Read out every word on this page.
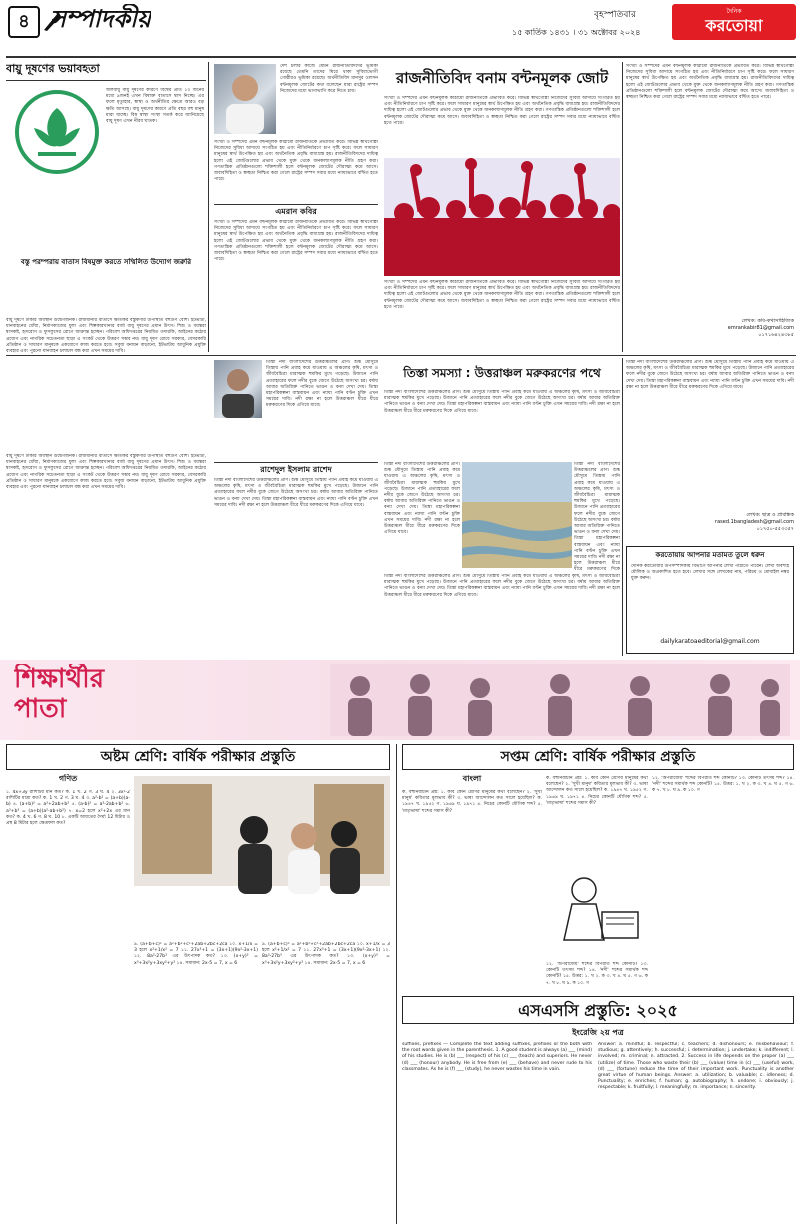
৪ সম্পাদকীয়	বৃহস্পতিবার
১৫ কার্তিক ১৪৩১ । ৩১ অক্টোবর ২০২৪
দৈনিক
করতোয়া
বায়ু দূষণের ভয়াবহতা
জলবায়ু বায়ু দূষণের কারণে বিশ্বের প্রতি ১০ জনের মধ্যে ৯জনই এখন বিষাক্ত বাতাসে শ্বাস নিচ্ছে। এর ফলে মৃত্যুহার, স্বাস্থ্য ও অর্থনীতির ক্ষেত্রে আরও বড় ক্ষতি আসছে। বায়ু দূষণের কারণে প্রতি বছর বহু মানুষ মারা যাচ্ছে। বিশ্ব স্বাস্থ্য সংস্থা সতর্ক করে জানিয়েছে বায়ু দূষণ এখন নীরব ঘাতক।
বস্তু পরম্পরায় বাতাস বিষমুক্ত করতে সম্মিলিত উদ্যোগ জরুরি
বায়ু দূষণে ঢাকার অবস্থান উদ্বেগজনক। রাজধানীর বাতাসে ক্ষতিকর বস্তুকণার উপস্থিতি বহুগুণ বেশি। ইটভাটা, যানবাহনের ধোঁয়া, নির্মাণকাজের ধুলা এবং শিল্পকারখানার বর্জ্য বায়ু দূষণের প্রধান উৎস। শিশু ও বয়স্করা শ্বাসকষ্ট, হৃদরোগ ও ফুসফুসের রোগে আক্রান্ত হচ্ছেন। পরিবেশ অধিদপ্তরের নিয়মিত তদারকি, আইনের কঠোর প্রয়োগ এবং নাগরিক সচেতনতা ছাড়া এ সংকট থেকে উত্তরণ সম্ভব নয়। বায়ু দূষণ রোধে সরকার, বেসরকারি প্রতিষ্ঠান ও সাধারণ মানুষকে একযোগে কাজ করতে হবে। সবুজ বনায়ন বাড়ানো, ইটভাটায় আধুনিক প্রযুক্তি ব্যবহার এবং পুরনো যানবাহন চলাচল বন্ধ করা এখন সময়ের দাবি।
দেশ চলার কাজে যেমন রাজনীতিবিদদের ভূমিকা রয়েছে তেমনি তাদের ঘিরে থাকা সুবিধাভোগী গোষ্ঠীরও ভূমিকা রয়েছে। অর্থনীতিবিদ মানসুর ওলসন বন্টনমূলক জোটের কথা বলেছেন যারা রাষ্ট্রের সম্পদ নিজেদের মধ্যে ভাগাভাগি করে নিতে চায়।
সংখ্যা ও সম্পদের এমন বন্টনমূলক কাঠামো রাজনীতিকে প্রভাবিত করে। বিভিন্ন স্বার্থগোষ্ঠী নিজেদের সুবিধা আদায়ে সংগঠিত হয় এবং নীতিনির্ধারণে চাপ সৃষ্টি করে। ফলে সাধারণ মানুষের স্বার্থ উপেক্ষিত হয় এবং অর্থনৈতিক প্রবৃদ্ধি বাধাগ্রস্ত হয়। রাজনীতিবিদদের দায়িত্ব হলো এই জোটগুলোর প্রভাব থেকে মুক্ত থেকে জনকল্যাণমূলক নীতি গ্রহণ করা। গণতান্ত্রিক প্রতিষ্ঠানগুলো শক্তিশালী হলে বন্টনমূলক জোটের দৌরাত্ম্য কমে আসে। জবাবদিহিতা ও স্বচ্ছতা নিশ্চিত করা গেলে রাষ্ট্রের সম্পদ সবার মধ্যে ন্যায্যভাবে বন্টিত হতে পারে।
এমরান কবির
সংখ্যা ও সম্পদের এমন বন্টনমূলক কাঠামো রাজনীতিকে প্রভাবিত করে। বিভিন্ন স্বার্থগোষ্ঠী নিজেদের সুবিধা আদায়ে সংগঠিত হয় এবং নীতিনির্ধারণে চাপ সৃষ্টি করে। ফলে সাধারণ মানুষের স্বার্থ উপেক্ষিত হয় এবং অর্থনৈতিক প্রবৃদ্ধি বাধাগ্রস্ত হয়। রাজনীতিবিদদের দায়িত্ব হলো এই জোটগুলোর প্রভাব থেকে মুক্ত থেকে জনকল্যাণমূলক নীতি গ্রহণ করা। গণতান্ত্রিক প্রতিষ্ঠানগুলো শক্তিশালী হলে বন্টনমূলক জোটের দৌরাত্ম্য কমে আসে। জবাবদিহিতা ও স্বচ্ছতা নিশ্চিত করা গেলে রাষ্ট্রের সম্পদ সবার মধ্যে ন্যায্যভাবে বন্টিত হতে পারে।
রাজনীতিবিদ বনাম বন্টনমূলক জোট
সংখ্যা ও সম্পদের এমন বন্টনমূলক কাঠামো রাজনীতিকে প্রভাবিত করে। বিভিন্ন স্বার্থগোষ্ঠী নিজেদের সুবিধা আদায়ে সংগঠিত হয় এবং নীতিনির্ধারণে চাপ সৃষ্টি করে। ফলে সাধারণ মানুষের স্বার্থ উপেক্ষিত হয় এবং অর্থনৈতিক প্রবৃদ্ধি বাধাগ্রস্ত হয়। রাজনীতিবিদদের দায়িত্ব হলো এই জোটগুলোর প্রভাব থেকে মুক্ত থেকে জনকল্যাণমূলক নীতি গ্রহণ করা। গণতান্ত্রিক প্রতিষ্ঠানগুলো শক্তিশালী হলে বন্টনমূলক জোটের দৌরাত্ম্য কমে আসে। জবাবদিহিতা ও স্বচ্ছতা নিশ্চিত করা গেলে রাষ্ট্রের সম্পদ সবার মধ্যে ন্যায্যভাবে বন্টিত হতে পারে।
সংখ্যা ও সম্পদের এমন বন্টনমূলক কাঠামো রাজনীতিকে প্রভাবিত করে। বিভিন্ন স্বার্থগোষ্ঠী নিজেদের সুবিধা আদায়ে সংগঠিত হয় এবং নীতিনির্ধারণে চাপ সৃষ্টি করে। ফলে সাধারণ মানুষের স্বার্থ উপেক্ষিত হয় এবং অর্থনৈতিক প্রবৃদ্ধি বাধাগ্রস্ত হয়। রাজনীতিবিদদের দায়িত্ব হলো এই জোটগুলোর প্রভাব থেকে মুক্ত থেকে জনকল্যাণমূলক নীতি গ্রহণ করা। গণতান্ত্রিক প্রতিষ্ঠানগুলো শক্তিশালী হলে বন্টনমূলক জোটের দৌরাত্ম্য কমে আসে। জবাবদিহিতা ও স্বচ্ছতা নিশ্চিত করা গেলে রাষ্ট্রের সম্পদ সবার মধ্যে ন্যায্যভাবে বন্টিত হতে পারে।
সংখ্যা ও সম্পদের এমন বন্টনমূলক কাঠামো রাজনীতিকে প্রভাবিত করে। বিভিন্ন স্বার্থগোষ্ঠী নিজেদের সুবিধা আদায়ে সংগঠিত হয় এবং নীতিনির্ধারণে চাপ সৃষ্টি করে। ফলে সাধারণ মানুষের স্বার্থ উপেক্ষিত হয় এবং অর্থনৈতিক প্রবৃদ্ধি বাধাগ্রস্ত হয়। রাজনীতিবিদদের দায়িত্ব হলো এই জোটগুলোর প্রভাব থেকে মুক্ত থেকে জনকল্যাণমূলক নীতি গ্রহণ করা। গণতান্ত্রিক প্রতিষ্ঠানগুলো শক্তিশালী হলে বন্টনমূলক জোটের দৌরাত্ম্য কমে আসে। জবাবদিহিতা ও স্বচ্ছতা নিশ্চিত করা গেলে রাষ্ট্রের সম্পদ সবার মধ্যে ন্যায্যভাবে বন্টিত হতে পারে।
লেখক: কবি-কথাসাহিত্যিক
emrankabir81@gmail.com
০১৭১৬৪২৪৩৮৫
বায়ু দূষণে ঢাকার অবস্থান উদ্বেগজনক। রাজধানীর বাতাসে ক্ষতিকর বস্তুকণার উপস্থিতি বহুগুণ বেশি। ইটভাটা, যানবাহনের ধোঁয়া, নির্মাণকাজের ধুলা এবং শিল্পকারখানার বর্জ্য বায়ু দূষণের প্রধান উৎস। শিশু ও বয়স্করা শ্বাসকষ্ট, হৃদরোগ ও ফুসফুসের রোগে আক্রান্ত হচ্ছেন। পরিবেশ অধিদপ্তরের নিয়মিত তদারকি, আইনের কঠোর প্রয়োগ এবং নাগরিক সচেতনতা ছাড়া এ সংকট থেকে উত্তরণ সম্ভব নয়। বায়ু দূষণ রোধে সরকার, বেসরকারি প্রতিষ্ঠান ও সাধারণ মানুষকে একযোগে কাজ করতে হবে। সবুজ বনায়ন বাড়ানো, ইটভাটায় আধুনিক প্রযুক্তি ব্যবহার এবং পুরনো যানবাহন চলাচল বন্ধ করা এখন সময়ের দাবি।
তিস্তা নদী বাংলাদেশের উত্তরাঞ্চলের প্রাণ। শুষ্ক মৌসুমে তিস্তায় পানি প্রবাহ কমে যাওয়ায় এ অঞ্চলের কৃষি, মৎস্য ও জীববৈচিত্র্য মারাত্মক হুমকির মুখে পড়েছে। উজানে পানি প্রত্যাহারের ফলে নদীর বুকে জেগে উঠেছে অসংখ্য চর। বর্ষায় আবার অতিরিক্ত পানিতে ভাঙন ও বন্যা দেখা দেয়। তিস্তা মহাপরিকল্পনা বাস্তবায়ন এবং ন্যায্য পানি বণ্টন চুক্তি এখন সময়ের দাবি। নদী রক্ষা না হলে উত্তরাঞ্চল ধীরে ধীরে মরুকরণের দিকে এগিয়ে যাবে।
রাশেদুল ইসলাম রাশেদ
তিস্তা নদী বাংলাদেশের উত্তরাঞ্চলের প্রাণ। শুষ্ক মৌসুমে তিস্তায় পানি প্রবাহ কমে যাওয়ায় এ অঞ্চলের কৃষি, মৎস্য ও জীববৈচিত্র্য মারাত্মক হুমকির মুখে পড়েছে। উজানে পানি প্রত্যাহারের ফলে নদীর বুকে জেগে উঠেছে অসংখ্য চর। বর্ষায় আবার অতিরিক্ত পানিতে ভাঙন ও বন্যা দেখা দেয়। তিস্তা মহাপরিকল্পনা বাস্তবায়ন এবং ন্যায্য পানি বণ্টন চুক্তি এখন সময়ের দাবি। নদী রক্ষা না হলে উত্তরাঞ্চল ধীরে ধীরে মরুকরণের দিকে এগিয়ে যাবে।
তিস্তা সমস্যা : উত্তরাঞ্চল মরুকরণের পথে
তিস্তা নদী বাংলাদেশের উত্তরাঞ্চলের প্রাণ। শুষ্ক মৌসুমে তিস্তায় পানি প্রবাহ কমে যাওয়ায় এ অঞ্চলের কৃষি, মৎস্য ও জীববৈচিত্র্য মারাত্মক হুমকির মুখে পড়েছে। উজানে পানি প্রত্যাহারের ফলে নদীর বুকে জেগে উঠেছে অসংখ্য চর। বর্ষায় আবার অতিরিক্ত পানিতে ভাঙন ও বন্যা দেখা দেয়। তিস্তা মহাপরিকল্পনা বাস্তবায়ন এবং ন্যায্য পানি বণ্টন চুক্তি এখন সময়ের দাবি। নদী রক্ষা না হলে উত্তরাঞ্চল ধীরে ধীরে মরুকরণের দিকে এগিয়ে যাবে।
তিস্তা নদী বাংলাদেশের উত্তরাঞ্চলের প্রাণ। শুষ্ক মৌসুমে তিস্তায় পানি প্রবাহ কমে যাওয়ায় এ অঞ্চলের কৃষি, মৎস্য ও জীববৈচিত্র্য মারাত্মক হুমকির মুখে পড়েছে। উজানে পানি প্রত্যাহারের ফলে নদীর বুকে জেগে উঠেছে অসংখ্য চর। বর্ষায় আবার অতিরিক্ত পানিতে ভাঙন ও বন্যা দেখা দেয়। তিস্তা মহাপরিকল্পনা বাস্তবায়ন এবং ন্যায্য পানি বণ্টন চুক্তি এখন সময়ের দাবি। নদী রক্ষা না হলে উত্তরাঞ্চল ধীরে ধীরে মরুকরণের দিকে এগিয়ে যাবে।
তিস্তা নদী বাংলাদেশের উত্তরাঞ্চলের প্রাণ। শুষ্ক মৌসুমে তিস্তায় পানি প্রবাহ কমে যাওয়ায় এ অঞ্চলের কৃষি, মৎস্য ও জীববৈচিত্র্য মারাত্মক হুমকির মুখে পড়েছে। উজানে পানি প্রত্যাহারের ফলে নদীর বুকে জেগে উঠেছে অসংখ্য চর। বর্ষায় আবার অতিরিক্ত পানিতে ভাঙন ও বন্যা দেখা দেয়। তিস্তা মহাপরিকল্পনা বাস্তবায়ন এবং ন্যায্য পানি বণ্টন চুক্তি এখন সময়ের দাবি। নদী রক্ষা না হলে উত্তরাঞ্চল ধীরে ধীরে মরুকরণের দিকে
তিস্তা নদী বাংলাদেশের উত্তরাঞ্চলের প্রাণ। শুষ্ক মৌসুমে তিস্তায় পানি প্রবাহ কমে যাওয়ায় এ অঞ্চলের কৃষি, মৎস্য ও জীববৈচিত্র্য মারাত্মক হুমকির মুখে পড়েছে। উজানে পানি প্রত্যাহারের ফলে নদীর বুকে জেগে উঠেছে অসংখ্য চর। বর্ষায় আবার অতিরিক্ত পানিতে ভাঙন ও বন্যা দেখা দেয়। তিস্তা মহাপরিকল্পনা বাস্তবায়ন এবং ন্যায্য পানি বণ্টন চুক্তি এখন সময়ের দাবি। নদী রক্ষা না হলে উত্তরাঞ্চল ধীরে ধীরে মরুকরণের দিকে এগিয়ে যাবে।
তিস্তা নদী বাংলাদেশের উত্তরাঞ্চলের প্রাণ। শুষ্ক মৌসুমে তিস্তায় পানি প্রবাহ কমে যাওয়ায় এ অঞ্চলের কৃষি, মৎস্য ও জীববৈচিত্র্য মারাত্মক হুমকির মুখে পড়েছে। উজানে পানি প্রত্যাহারের ফলে নদীর বুকে জেগে উঠেছে অসংখ্য চর। বর্ষায় আবার অতিরিক্ত পানিতে ভাঙন ও বন্যা দেখা দেয়। তিস্তা মহাপরিকল্পনা বাস্তবায়ন এবং ন্যায্য পানি বণ্টন চুক্তি এখন সময়ের দাবি। নদী রক্ষা না হলে উত্তরাঞ্চল ধীরে ধীরে মরুকরণের দিকে এগিয়ে যাবে।
লেখক: ছাত্র ও প্রাবন্ধিক
rased.1bangladesh@gmail.com
০১৭৫০-৫৫৩৩৫৭
করতোয়ায় আপনার মতামত তুলে ধরুন
দৈনিক করতোয়ার উপসম্পাদকীয় বিভাগে আপনার লেখা পাঠাতে পারেন। লেখা অবশ্যই মৌলিক ও অপ্রকাশিত হতে হবে। লেখার সঙ্গে লেখকের নাম, পরিচয় ও মোবাইল নম্বর যুক্ত করুন।
dailykaratoaeditorial@gmail.com
শিক্ষার্থীর পাতা
অষ্টম শ্রেণি: বার্ষিক পরীক্ষার প্রস্তুতি	সপ্তম শ্রেণি: বার্ষিক পরীক্ষার প্রস্তুতি
গণিত
১. 4x+3y রাশিটির মান কত? ক. 1 খ. 2 গ. 3 ঘ. 4 ২. 3x²-2 রাশিটির মাত্রা কত? ক. 1 খ. 2 গ. 3 ঘ. 4 ৩. a²-b² = (a+b)(a-b) ৪. (a+b)² = a²+2ab+b² ৫. (a-b)² = a²-2ab+b² ৬. a³+b³ = (a+b)(a²-ab+b²) ৭. x=2 হলে x²+2x এর মান কত? ক. 4 খ. 6 গ. 8 ঘ. 10 ৮. একটি আয়তের দৈর্ঘ্য 12 মিটার ও প্রস্থ 8 মিটার হলে ক্ষেত্রফল কত?
৯. (a+b+c)² = a²+b²+c²+2ab+2bc+2ca ১০. x+1/x = 3 হলে x²+1/x² = 7 ১১. 27x³+1 = (3x+1)(9x²-3x+1) ১২. 8a³-27b³ এর উৎপাদক কত? ১৩. (x+y)³ = x³+3x²y+3xy²+y³ ১৪. সমাধান: 2x-5 = 7, x = 6
৯. (a+b+c)² = a²+b²+c²+2ab+2bc+2ca ১০. x+1/x = 3 হলে x²+1/x² = 7 ১১. 27x³+1 = (3x+1)(9x²-3x+1) ১২. 8a³-27b³ এর উৎপাদক কত? ১৩. (x+y)³ = x³+3x²y+3xy²+y³ ১৪. সমাধান: 2x-5 = 7, x = 6
বাংলা
ক. বহুনির্বাচনি প্রশ্ন: ১. কবি কোন শ্রেণির মানুষের কথা বলেছেন? ২. 'সুখী মানুষ' কবিতার মূলভাব কী? ৩. ভাষা আন্দোলন কত সালে হয়েছিল? ক. ১৯৪৭ খ. ১৯৫২ গ. ১৯৬৯ ঘ. ১৯৭১ ৪. নিচের কোনটি যৌগিক শব্দ? ৫. 'মাতৃভাষা' শব্দের সমাস কী?
ক. বহুনির্বাচনি প্রশ্ন: ১. কবি কোন শ্রেণির মানুষের কথা বলেছেন? ২. 'সুখী মানুষ' কবিতার মূলভাব কী? ৩. ভাষা আন্দোলন কত সালে হয়েছিল? ক. ১৯৪৭ খ. ১৯৫২ গ. ১৯৬৯ ঘ. ১৯৭১ ৪. নিচের কোনটি যৌগিক শব্দ? ৫. 'মাতৃভাষা' শব্দের সমাস কী?
১২. 'অপরাজেয়' শব্দের বিপরীত শব্দ কোনটি? ১৩. কোনটি তৎসম শব্দ? ১৪. 'নদী' শব্দের সমার্থক শব্দ কোনটি? ১৫. উত্তর: ১. খ ২. ক ৩. খ ৪. ঘ ৫. গ ৬. ক ৭. খ ৮. ঘ ৯. ক ১০. গ
১২. 'অপরাজেয়' শব্দের বিপরীত শব্দ কোনটি? ১৩. কোনটি তৎসম শব্দ? ১৪. 'নদী' শব্দের সমার্থক শব্দ কোনটি? ১৫. উত্তর: ১. খ ২. ক ৩. খ ৪. ঘ ৫. গ ৬. ক ৭. খ ৮. ঘ ৯. ক ১০. গ
এসএসসি প্রস্তুতি: ২০২৫
ইংরেজি ২য় পত্র
suffixes, prefixes — Complete the text adding suffixes, prefixes or the both with the root words given in the parenthesis. 1. A good student is always (a) ___ (mind) of his studies. He is (b) ___ (respect) of his (c) ___ (teach) and superiors. He never (d) ___ (honour) anybody. He is free from (e) ___ (behave) and never rude to his classmates. As he is (f) ___ (study), he never wastes his time in vain.
Answer: a. mindful; b. respectful; c. teachers; d. dishonours; e. misbehaviour; f. studious; g. attentively; h. successful; i. determination; j. undertake; k. indifferent; l. involved; m. criminal; n. attracted. 2. Success in life depends on the proper (a) ___ (utilize) of time. Those who waste their (b) ___ (value) time in (c) ___ (useful) work, (d) ___ (fortune) reduce the time of their important work. Punctuality is another great virtue of human beings. Answer: a. utilization; b. valuable; c. idleness; d. Punctuality; e. enriches; f. human; g. autobiography; h. undone; i. obviously; j. respectable; k. fruitfully; l. meaningfully; m. importance; n. sincerity.
